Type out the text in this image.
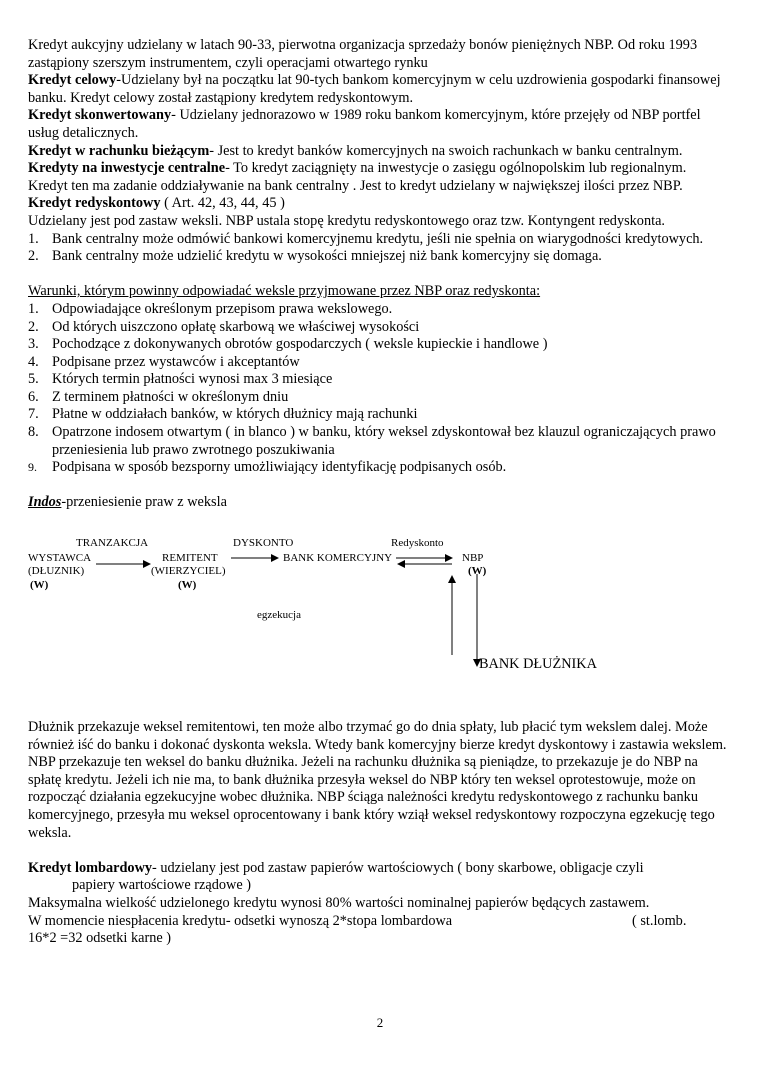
Kredyt aukcyjny udzielany w latach 90-33, pierwotna organizacja sprzedaży bonów pieniężnych NBP. Od roku 1993 zastąpiony szerszym instrumentem, czyli operacjami otwartego rynku

Kredyt celowy-Udzielany był na początku lat 90-tych bankom komercyjnym w celu uzdrowienia gospodarki finansowej banku. Kredyt celowy został zastąpiony kredytem redyskontowym.

Kredyt skonwertowany- Udzielany jednorazowo w 1989 roku bankom komercyjnym, które przejęły od NBP portfel usług detalicznych.

Kredyt w rachunku bieżącym- Jest to kredyt banków komercyjnych na swoich rachunkach w banku centralnym.

Kredyty na inwestycje centralne- To kredyt zaciągnięty na inwestycje o zasięgu ogólnopolskim lub regionalnym. Kredyt ten ma zadanie oddziaływanie na bank centralny . Jest to kredyt udzielany w największej ilości przez NBP.

Kredyt redyskontowy ( Art. 42, 43, 44, 45 )

Udzielany jest pod zastaw weksli. NBP ustala stopę kredytu redyskontowego oraz tzw. Kontyngent redyskonta.

1. Bank centralny może odmówić bankowi komercyjnemu kredytu, jeśli nie spełnia on wiarygodności kredytowych.
2. Bank centralny może udzielić kredytu w wysokości mniejszej niż bank komercyjny się domaga.

Warunki, którym powinny odpowiadać weksle przyjmowane przez NBP oraz redyskonta:

1. Odpowiadające określonym przepisom prawa wekslowego.
2. Od których uiszczono opłatę skarbową we właściwej wysokości
3. Pochodzące z dokonywanych obrotów gospodarczych ( weksle kupieckie i handlowe )
4. Podpisane przez wystawców i akceptantów
5. Których termin płatności wynosi max 3 miesiące
6. Z terminem płatności w określonym dniu
7. Płatne w oddziałach banków, w których dłużnicy mają rachunki
8. Opatrzone indosem otwartym ( in blanco ) w banku, który weksel zdyskontował bez klauzul ograniczających prawo przeniesienia lub prawo zwrotnego poszukiwania
9. Podpisana w sposób bezsporny umożliwiający identyfikację podpisanych osób.

Indos-przeniesienie praw z weksla

TRANZAKCJA
WYSTAWCA
(DŁUZNIK)
(W)
REMITENT
(WIERZYCIEL)
(W)
DYSKONTO
BANK KOMERCYJNY
Redyskonto
NBP
(W)
egzekucja
BANK DŁUŻNIKA

Dłużnik przekazuje weksel remitentowi, ten może albo trzymać go do dnia spłaty, lub płacić tym wekslem dalej. Może również iść do banku i dokonać dyskonta weksla. Wtedy bank komercyjny bierze kredyt dyskontowy i zastawia wekslem. NBP przekazuje ten weksel do banku dłużnika. Jeżeli na rachunku dłużnika są pieniądze, to przekazuje je do NBP na spłatę kredytu. Jeżeli ich nie ma, to bank dłużnika przesyła weksel do NBP który ten weksel oprotestowuje, może on rozpocząć działania egzekucyjne wobec dłużnika. NBP ściąga należności kredytu redyskontowego z rachunku banku komercyjnego, przesyła mu weksel oprocentowany i bank który wziął weksel redyskontowy rozpoczyna egzekucję tego weksla.

Kredyt lombardowy- udzielany jest pod zastaw papierów wartościowych ( bony skarbowe, obligacje czyli

papiery wartościowe rządowe )

Maksymalna wielkość udzielonego kredytu wynosi 80% wartości nominalnej papierów będących zastawem.

W momencie niespłacenia kredytu- odsetki wynoszą 2*stopa lombardowa	( st.lomb.

16*2 =32 odsetki karne )

2
